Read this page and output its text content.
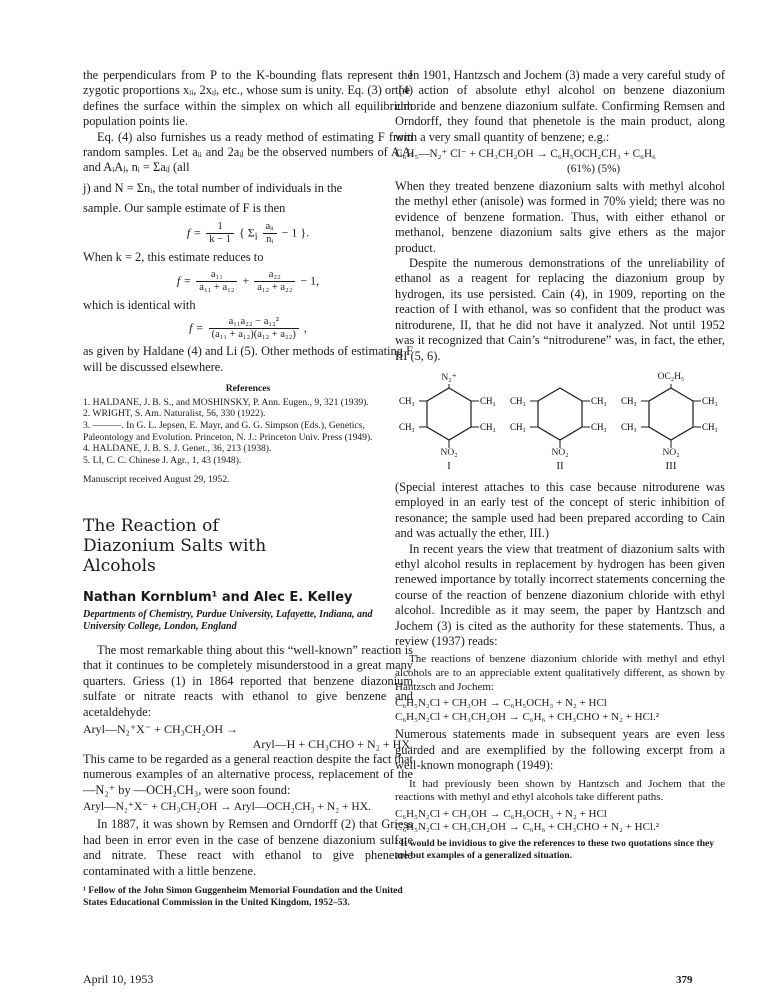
the perpendiculars from P to the K-bounding flats represent the zygotic proportions xᵢᵢ, 2xᵢⱼ, etc., whose sum is unity. Eq. (3) or (4) defines the surface within the simplex on which all equilibrium population points lie.

Eq. (4) also furnishes us a ready method of estimating F from random samples. Let aᵢᵢ and 2aᵢⱼ be the observed numbers of AᵢAᵢ and AᵢAⱼ, nᵢ = Σaᵢⱼ (all

j) and N = Σnᵢ, the total number of individuals in the

sample. Our sample estimate of F is then

$f = \frac{1}{k - 1}$ { $\Sigma_i \frac{\text{aᵢᵢ}}{\text{nᵢ}} - 1$ }.

When k = 2, this estimate reduces to

$f = \frac{\text{a₁₁}}{\text{a₁₁ + a₁₂}} + \frac{\text{a₂₂}}{\text{a₁₂ + a₂₂}} - 1$,

which is identical with

$f = \frac{\text{a₁₁a₂₂ − a₁₂²}}{\text{(a₁₁ + a₁₂)(a₁₂ + a₂₂)}}$ ,

as given by Haldane (4) and Li (5). Other methods of estimating F will be discussed elsewhere.

References
1. HALDANE, J. B. S., and MOSHINSKY, P. Ann. Eugen., 9, 321 (1939).
2. WRIGHT, S. Am. Naturalist, 56, 330 (1922).
3. ———. In G. L. Jepsen, E. Mayr, and G. G. Simpson (Eds.), Genetics, Paleontology and Evolution. Princeton, N. J.: Princeton Univ. Press (1949).
4. HALDANE, J. B. S. J. Genet., 36, 213 (1938).
5. LI, C. C. Chinese J. Agr., 1, 43 (1948).
Manuscript received August 29, 1952.
The Reaction of Diazonium Salts with Alcohols
Nathan Kornblum¹ and Alec E. Kelley
Departments of Chemistry, Purdue University, Lafayette, Indiana, and University College, London, England

The most remarkable thing about this “well-known” reaction is that it continues to be completely misunderstood in a great many quarters. Griess (1) in 1864 reported that benzene diazonium sulfate or nitrate reacts with ethanol to give benzene and acetaldehyde:

Aryl—N₂⁺X⁻ + CH₃CH₂OH →
Aryl—H + CH₃CHO + N₂ + HX.

This came to be regarded as a general reaction despite the fact that numerous examples of an alternative process, replacement of the —N₂⁺ by —OCH₂CH₃, were soon found:

Aryl—N₂⁺X⁻ + CH₃CH₂OH → Aryl—OCH₂CH₃ + N₂ + HX.

In 1887, it was shown by Remsen and Orndorff (2) that Griess had been in error even in the case of benzene diazonium sulfate and nitrate. These react with ethanol to give phenetole contaminated with a little benzene.

¹ Fellow of the John Simon Guggenheim Memorial Foundation and the United States Educational Commission in the United Kingdom, 1952–53.

In 1901, Hantzsch and Jochem (3) made a very careful study of the action of absolute ethyl alcohol on benzene diazonium chloride and benzene diazonium sulfate. Confirming Remsen and Orndorff, they found that phenetole is the main product, along with a very small quantity of benzene; e.g.:

C₆H₅—N₂⁺ Cl⁻ + CH₃CH₂OH → C₆H₅OCH₂CH₃ + C₆H₆
(61%) (5%)

When they treated benzene diazonium salts with methyl alcohol the methyl ether (anisole) was formed in 70% yield; there was no evidence of benzene formation. Thus, with either ethanol or methanol, benzene diazonium salts give ethers as the major product.

Despite the numerous demonstrations of the unreliability of ethanol as a reagent for replacing the diazonium group by hydrogen, its use persisted. Cain (4), in 1909, reporting on the reaction of I with ethanol, was so confident that the product was nitrodurene, II, that he did not have it analyzed. Not until 1952 was it recognized that Cain’s “nitrodurene” was, in fact, the ether, III (5, 6).

N₂⁺
CH₃
CH₃
CH₃
CH₃
NO₂
I
CH₃
CH₃
CH₃
CH₃
NO₂
II
OC₂H₅
CH₃
CH₃
CH₃
CH₃
NO₂
III

(Special interest attaches to this case because nitrodurene was employed in an early test of the concept of steric inhibition of resonance; the sample used had been prepared according to Cain and was actually the ether, III.)

In recent years the view that treatment of diazonium salts with ethyl alcohol results in replacement by hydrogen has been given renewed importance by totally incorrect statements concerning the course of the reaction of benzene diazonium chloride with ethyl alcohol. Incredible as it may seem, the paper by Hantzsch and Jochem (3) is cited as the authority for these statements. Thus, a review (1937) reads:

The reactions of benzene diazonium chloride with methyl and ethyl alcohols are to an appreciable extent qualitatively different, as shown by Hantzsch and Jochem:

C₆H₅N₂Cl + CH₃OH → C₆H₅OCH₃ + N₂ + HCl
C₆H₅N₂Cl + CH₃CH₂OH → C₆H₆ + CH₃CHO + N₂ + HCl.²

Numerous statements made in subsequent years are even less guarded and are exemplified by the following excerpt from a well-known monograph (1949):

It had previously been shown by Hantzsch and Jochem that the reactions with methyl and ethyl alcohols take different paths.

C₆H₅N₂Cl + CH₃OH → C₆H₅OCH₃ + N₂ + HCl
C₆H₅N₂Cl + CH₃CH₂OH → C₆H₆ + CH₃CHO + N₂ + HCl.²
² It would be invidious to give the references to these two quotations since they are but examples of a generalized situation.
April 10, 1953	379
